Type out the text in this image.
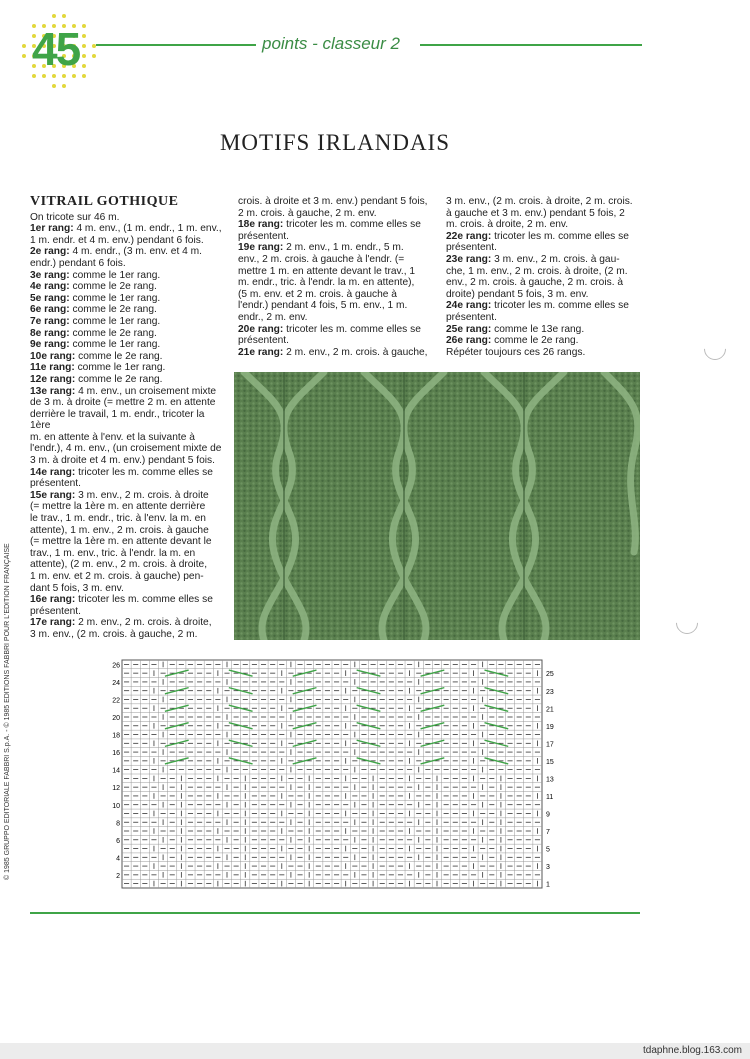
45	points - classeur 2
MOTIFS IRLANDAIS
© 1985 GRUPPO EDITORIALE FABBRI S.p.A. - © 1985 EDITIONS FABBRI POUR L'EDITION FRANÇAISE
VITRAIL GOTHIQUE
On tricote sur 46 m.
1er rang: 4 m. env., (1 m. endr., 1 m. env.,
1 m. endr. et 4 m. env.) pendant 6 fois.
2e rang: 4 m. endr., (3 m. env. et 4 m.
endr.) pendant 6 fois.
3e rang: comme le 1er rang.
4e rang: comme le 2e rang.
5e rang: comme le 1er rang.
6e rang: comme le 2e rang.
7e rang: comme le 1er rang.
8e rang: comme le 2e rang.
9e rang: comme le 1er rang.
10e rang: comme le 2e rang.
11e rang: comme le 1er rang.
12e rang: comme le 2e rang.
13e rang: 4 m. env., un croisement mixte
de 3 m. à droite (= mettre 2 m. en attente
derrière le travail, 1 m. endr., tricoter la 1ère
m. en attente à l'env. et la suivante à
l'endr.), 4 m. env., (un croisement mixte de
3 m. à droite et 4 m. env.) pendant 5 fois.
14e rang: tricoter les m. comme elles se
présentent.
15e rang: 3 m. env., 2 m. crois. à droite
(= mettre la 1ère m. en attente derrière
le trav., 1 m. endr., tric. à l'env. la m. en
attente), 1 m. env., 2 m. crois. à gauche
(= mettre la 1ère m. en attente devant le
trav., 1 m. env., tric. à l'endr. la m. en
attente), (2 m. env., 2 m. crois. à droite,
1 m. env. et 2 m. crois. à gauche) pen-
dant 5 fois, 3 m. env.
16e rang: tricoter les m. comme elles se
présentent.
17e rang: 2 m. env., 2 m. crois. à droite,
3 m. env., (2 m. crois. à gauche, 2 m.
crois. à droite et 3 m. env.) pendant 5 fois,
2 m. crois. à gauche, 2 m. env.
18e rang: tricoter les m. comme elles se
présentent.
19e rang: 2 m. env., 1 m. endr., 5 m.
env., 2 m. crois. à gauche à l'endr. (=
mettre 1 m. en attente devant le trav., 1
m. endr., tric. à l'endr. la m. en attente),
(5 m. env. et 2 m. crois. à gauche à
l'endr.) pendant 4 fois, 5 m. env., 1 m.
endr., 2 m. env.
20e rang: tricoter les m. comme elles se
présentent.
21e rang: 2 m. env., 2 m. crois. à gauche,
3 m. env., (2 m. crois. à droite, 2 m. crois.
à gauche et 3 m. env.) pendant 5 fois, 2
m. crois. à droite, 2 m. env.
22e rang: tricoter les m. comme elles se
présentent.
23e rang: 3 m. env., 2 m. crois. à gau-
che, 1 m. env., 2 m. crois. à droite, (2 m.
env., 2 m. crois. à gauche, 2 m. crois. à
droite) pendant 5 fois, 3 m. env.
24e rang: tricoter les m. comme elles se
présentent.
25e rang: comme le 13e rang.
26e rang: comme le 2e rang.
Répéter toujours ces 26 rangs.
26
24
22
20
18
16
14
12
10
8
6
4
2
25
23
21
19
17
15
13
11
9
7
5
3
1
tdaphne.blog.163.com
